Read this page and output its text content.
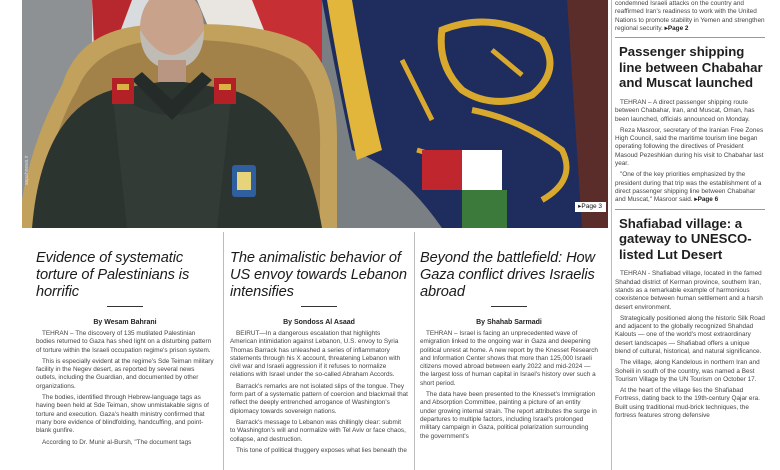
sepahnews.ir
▸Page 3
Evidence of systematic torture of Palestinians is horrific
By Wesam Bahrani

TEHRAN – The discovery of 135 mutilated Palestinian bodies returned to Gaza has shed light on a disturbing pattern of torture within the Israeli occupation regime's prison system.

This is especially evident at the regime's Sde Teiman military facility in the Negev desert, as reported by several news outlets, including the Guardian, and documented by other organizations.

The bodies, identified through Hebrew-language tags as having been held at Sde Teiman, show unmistakable signs of torture and execution. Gaza's health ministry confirmed that many bore evidence of blindfolding, handcuffing, and point-blank gunfire.

According to Dr. Munir al-Bursh, "The document tags

The animalistic behavior of US envoy towards Lebanon intensifies
By Sondoss Al Asaad

BEIRUT—In a dangerous escalation that highlights American intimidation against Lebanon, U.S. envoy to Syria Thomas Barrack has unleashed a series of inflammatory statements through his X account, threatening Lebanon with civil war and Israeli aggression if it refuses to normalize relations with Israel under the so-called Abraham Accords.

Barrack's remarks are not isolated slips of the tongue. They form part of a systematic pattern of coercion and blackmail that reflect the deeply entrenched arrogance of Washington's diplomacy towards sovereign nations.

Barrack's message to Lebanon was chillingly clear: submit to Washington's will and normalize with Tel Aviv or face chaos, collapse, and destruction.

This tone of political thuggery exposes what lies beneath the

Beyond the battlefield: How Gaza conflict drives Israelis abroad
By Shahab Sarmadi

TEHRAN – Israel is facing an unprecedented wave of emigration linked to the ongoing war in Gaza and deepening political unrest at home. A new report by the Knesset Research and Information Center shows that more than 125,000 Israeli citizens moved abroad between early 2022 and mid-2024 — the largest loss of human capital in Israel's history over such a short period.

The data have been presented to the Knesset's Immigration and Absorption Committee, painting a picture of an entity under growing internal strain. The report attributes the surge in departures to multiple factors, including Israel's prolonged military campaign in Gaza, political polarization surrounding the government's

condemned Israeli attacks on the country and reaffirmed Iran's readiness to work with the United Nations to promote stability in Yemen and strengthen regional security. ▸Page 2

Passenger shipping line between Chabahar and Muscat launched

TEHRAN – A direct passenger shipping route between Chabahar, Iran, and Muscat, Oman, has been launched, officials announced on Monday.

Reza Masroor, secretary of the Iranian Free Zones High Council, said the maritime tourism line began operating following the directives of President Masoud Pezeshkian during his visit to Chabahar last year.

"One of the key priorities emphasized by the president during that trip was the establishment of a direct passenger shipping line between Chabahar and Muscat," Masroor said. ▸Page 6

Shafiabad village: a gateway to UNESCO-listed Lut Desert

TEHRAN - Shafiabad village, located in the famed Shahdad district of Kerman province, southern Iran, stands as a remarkable example of harmonious coexistence between human settlement and a harsh desert environment.

Strategically positioned along the historic Silk Road and adjacent to the globally recognized Shahdad Kalouts — one of the world's most extraordinary desert landscapes — Shafiabad offers a unique blend of cultural, historical, and natural significance.

The village, along Kandelous in northern Iran and Soheili in south of the country, was named a Best Tourism Village by the UN Tourism on October 17.

At the heart of the village lies the Shafiabad Fortress, dating back to the 19th-century Qajar era. Built using traditional mud-brick techniques, the fortress features strong defensive
